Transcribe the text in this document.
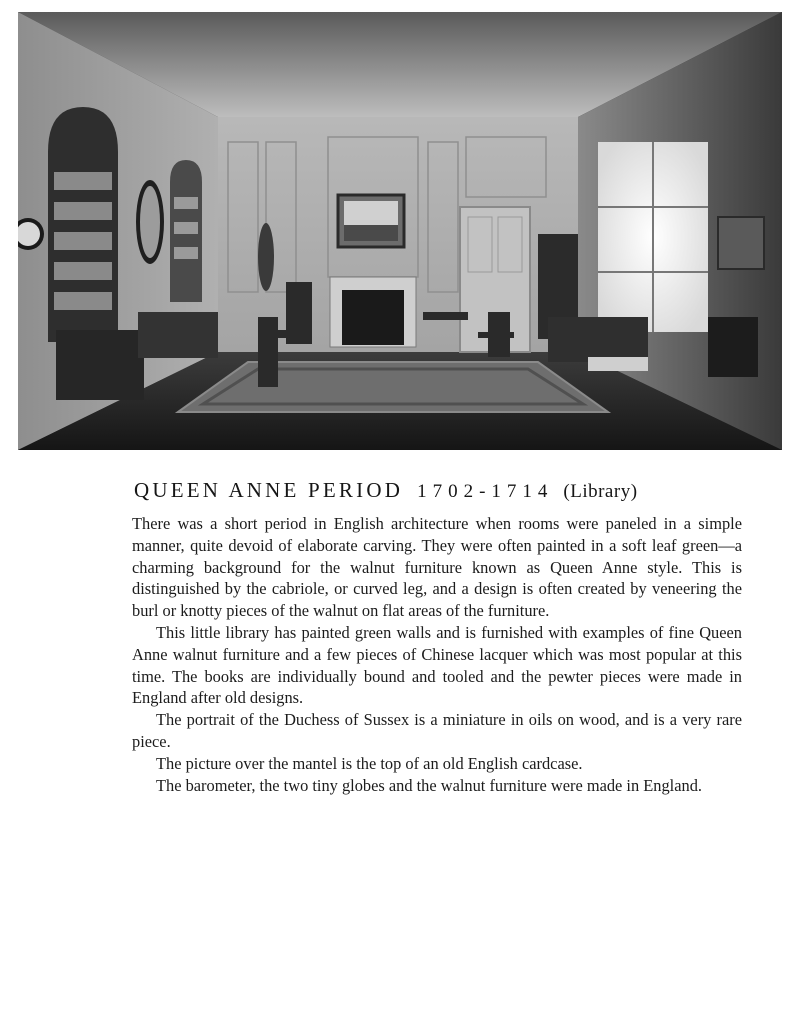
QUEEN ANNE PERIOD 1702-1714 (Library)

There was a short period in English architecture when rooms were paneled in a simple manner, quite devoid of elaborate carving. They were often painted in a soft leaf green—a charming background for the walnut furniture known as Queen Anne style. This is distinguished by the cabriole, or curved leg, and a design is often created by veneering the burl or knotty pieces of the walnut on flat areas of the furniture.

This little library has painted green walls and is furnished with examples of fine Queen Anne walnut furniture and a few pieces of Chinese lacquer which was most popular at this time. The books are individually bound and tooled and the pewter pieces were made in England after old designs.

The portrait of the Duchess of Sussex is a miniature in oils on wood, and is a very rare piece.

The picture over the mantel is the top of an old English cardcase.

The barometer, the two tiny globes and the walnut furniture were made in England.
